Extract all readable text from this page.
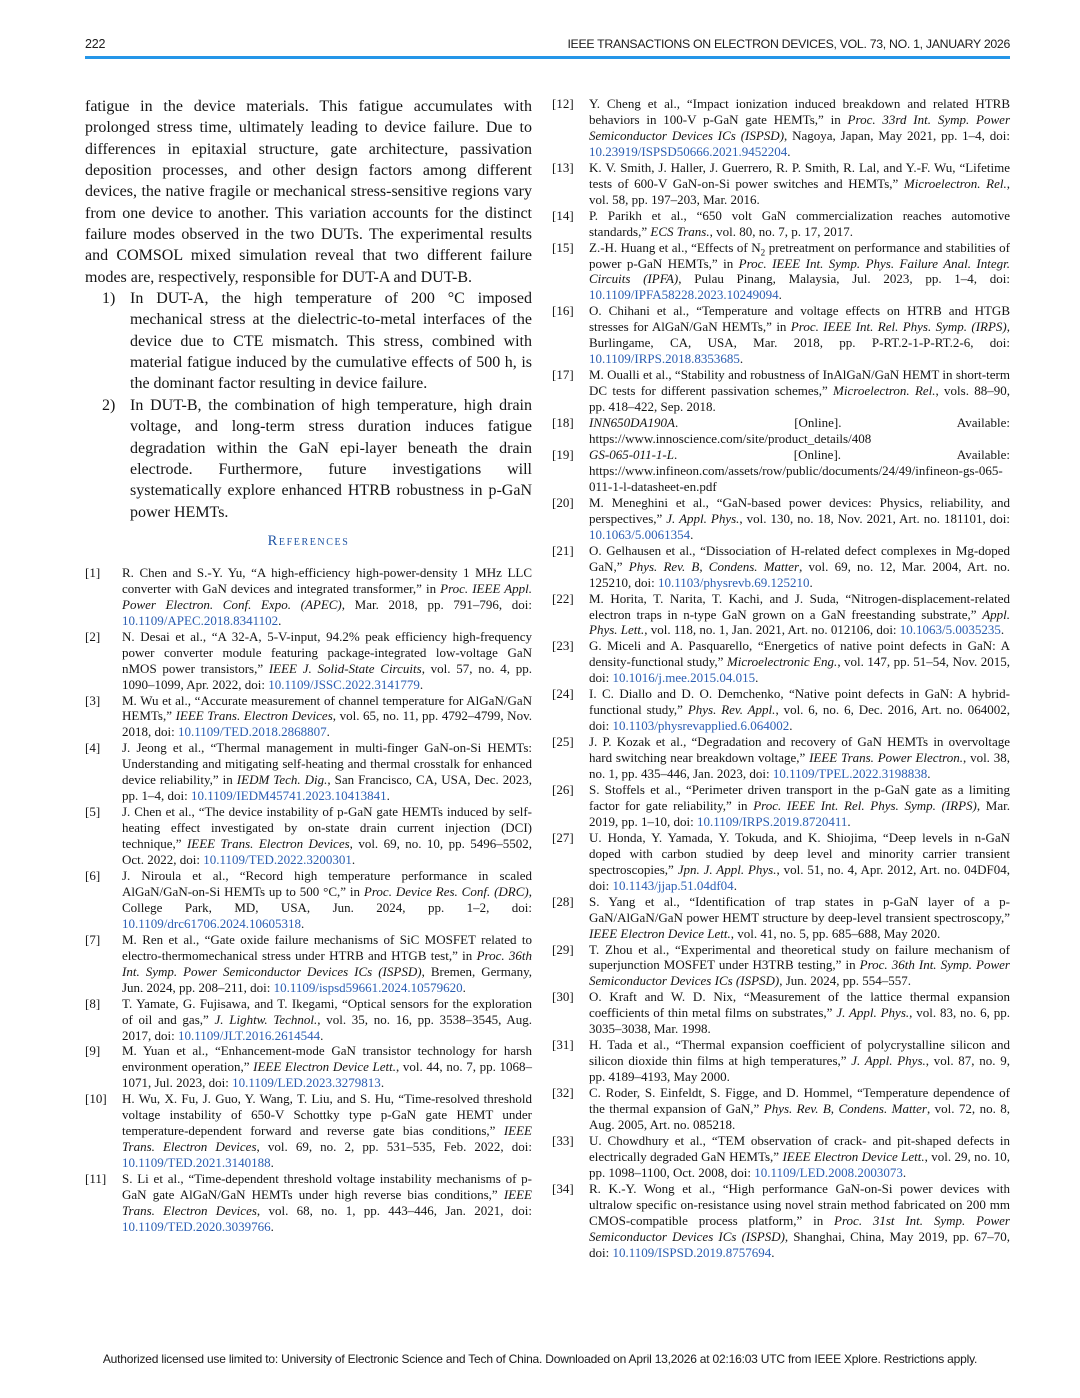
222	IEEE TRANSACTIONS ON ELECTRON DEVICES, VOL. 73, NO. 1, JANUARY 2026

fatigue in the device materials. This fatigue accumulates with prolonged stress time, ultimately leading to device failure. Due to differences in epitaxial structure, gate architecture, passivation deposition processes, and other design factors among different devices, the native fragile or mechanical stress-sensitive regions vary from one device to another. This variation accounts for the distinct failure modes observed in the two DUTs. The experimental results and COMSOL mixed simulation reveal that two different failure modes are, respectively, responsible for DUT-A and DUT-B.

1) In DUT-A, the high temperature of 200 °C imposed mechanical stress at the dielectric-to-metal interfaces of the device due to CTE mismatch. This stress, combined with material fatigue induced by the cumulative effects of 500 h, is the dominant factor resulting in device failure.
2) In DUT-B, the combination of high temperature, high drain voltage, and long-term stress duration induces fatigue degradation within the GaN epi-layer beneath the drain electrode. Furthermore, future investigations will systematically explore enhanced HTRB robustness in p-GaN power HEMTs.
References
[1] R. Chen and S.-Y. Yu, “A high-efficiency high-power-density 1 MHz LLC converter with GaN devices and integrated transformer,” in Proc. IEEE Appl. Power Electron. Conf. Expo. (APEC), Mar. 2018, pp. 791–796, doi: 10.1109/APEC.2018.8341102.
[2] N. Desai et al., “A 32-A, 5-V-input, 94.2% peak efficiency high-frequency power converter module featuring package-integrated low-voltage GaN nMOS power transistors,” IEEE J. Solid-State Circuits, vol. 57, no. 4, pp. 1090–1099, Apr. 2022, doi: 10.1109/JSSC.2022.3141779.
[3] M. Wu et al., “Accurate measurement of channel temperature for AlGaN/GaN HEMTs,” IEEE Trans. Electron Devices, vol. 65, no. 11, pp. 4792–4799, Nov. 2018, doi: 10.1109/TED.2018.2868807.
[4] J. Jeong et al., “Thermal management in multi-finger GaN-on-Si HEMTs: Understanding and mitigating self-heating and thermal crosstalk for enhanced device reliability,” in IEDM Tech. Dig., San Francisco, CA, USA, Dec. 2023, pp. 1–4, doi: 10.1109/IEDM45741.2023.10413841.
[5] J. Chen et al., “The device instability of p-GaN gate HEMTs induced by self-heating effect investigated by on-state drain current injection (DCI) technique,” IEEE Trans. Electron Devices, vol. 69, no. 10, pp. 5496–5502, Oct. 2022, doi: 10.1109/TED.2022.3200301.
[6] J. Niroula et al., “Record high temperature performance in scaled AlGaN/GaN-on-Si HEMTs up to 500 °C,” in Proc. Device Res. Conf. (DRC), College Park, MD, USA, Jun. 2024, pp. 1–2, doi: 10.1109/drc61706.2024.10605318.
[7] M. Ren et al., “Gate oxide failure mechanisms of SiC MOSFET related to electro-thermomechanical stress under HTRB and HTGB test,” in Proc. 36th Int. Symp. Power Semiconductor Devices ICs (ISPSD), Bremen, Germany, Jun. 2024, pp. 208–211, doi: 10.1109/ispsd59661.2024.10579620.
[8] T. Yamate, G. Fujisawa, and T. Ikegami, “Optical sensors for the exploration of oil and gas,” J. Lightw. Technol., vol. 35, no. 16, pp. 3538–3545, Aug. 2017, doi: 10.1109/JLT.2016.2614544.
[9] M. Yuan et al., “Enhancement-mode GaN transistor technology for harsh environment operation,” IEEE Electron Device Lett., vol. 44, no. 7, pp. 1068–1071, Jul. 2023, doi: 10.1109/LED.2023.3279813.
[10] H. Wu, X. Fu, J. Guo, Y. Wang, T. Liu, and S. Hu, “Time-resolved threshold voltage instability of 650-V Schottky type p-GaN gate HEMT under temperature-dependent forward and reverse gate bias conditions,” IEEE Trans. Electron Devices, vol. 69, no. 2, pp. 531–535, Feb. 2022, doi: 10.1109/TED.2021.3140188.
[11] S. Li et al., “Time-dependent threshold voltage instability mechanisms of p-GaN gate AlGaN/GaN HEMTs under high reverse bias conditions,” IEEE Trans. Electron Devices, vol. 68, no. 1, pp. 443–446, Jan. 2021, doi: 10.1109/TED.2020.3039766.
[12] Y. Cheng et al., “Impact ionization induced breakdown and related HTRB behaviors in 100-V p-GaN gate HEMTs,” in Proc. 33rd Int. Symp. Power Semiconductor Devices ICs (ISPSD), Nagoya, Japan, May 2021, pp. 1–4, doi: 10.23919/ISPSD50666.2021.9452204.
[13] K. V. Smith, J. Haller, J. Guerrero, R. P. Smith, R. Lal, and Y.-F. Wu, “Lifetime tests of 600-V GaN-on-Si power switches and HEMTs,” Microelectron. Rel., vol. 58, pp. 197–203, Mar. 2016.
[14] P. Parikh et al., “650 volt GaN commercialization reaches automotive standards,” ECS Trans., vol. 80, no. 7, p. 17, 2017.
[15] Z.-H. Huang et al., “Effects of $N_2$ pretreatment on performance and stabilities of power p-GaN HEMTs,” in Proc. IEEE Int. Symp. Phys. Failure Anal. Integr. Circuits (IPFA), Pulau Pinang, Malaysia, Jul. 2023, pp. 1–4, doi: 10.1109/IPFA58228.2023.10249094.
[16] O. Chihani et al., “Temperature and voltage effects on HTRB and HTGB stresses for AlGaN/GaN HEMTs,” in Proc. IEEE Int. Rel. Phys. Symp. (IRPS), Burlingame, CA, USA, Mar. 2018, pp. P-RT.2-1-P-RT.2-6, doi: 10.1109/IRPS.2018.8353685.
[17] M. Oualli et al., “Stability and robustness of InAlGaN/GaN HEMT in short-term DC tests for different passivation schemes,” Microelectron. Rel., vols. 88–90, pp. 418–422, Sep. 2018.
[18] INN650DA190A. [Online]. Available: https://www.innoscience.com/site/product_details/408
[19] GS-065-011-1-L. [Online]. Available: https://www.infineon.com/assets/row/public/documents/24/49/infineon-gs-065-011-1-l-datasheet-en.pdf
[20] M. Meneghini et al., “GaN-based power devices: Physics, reliability, and perspectives,” J. Appl. Phys., vol. 130, no. 18, Nov. 2021, Art. no. 181101, doi: 10.1063/5.0061354.
[21] O. Gelhausen et al., “Dissociation of H-related defect complexes in Mg-doped GaN,” Phys. Rev. B, Condens. Matter, vol. 69, no. 12, Mar. 2004, Art. no. 125210, doi: 10.1103/physrevb.69.125210.
[22] M. Horita, T. Narita, T. Kachi, and J. Suda, “Nitrogen-displacement-related electron traps in n-type GaN grown on a GaN freestanding substrate,” Appl. Phys. Lett., vol. 118, no. 1, Jan. 2021, Art. no. 012106, doi: 10.1063/5.0035235.
[23] G. Miceli and A. Pasquarello, “Energetics of native point defects in GaN: A density-functional study,” Microelectronic Eng., vol. 147, pp. 51–54, Nov. 2015, doi: 10.1016/j.mee.2015.04.015.
[24] I. C. Diallo and D. O. Demchenko, “Native point defects in GaN: A hybrid-functional study,” Phys. Rev. Appl., vol. 6, no. 6, Dec. 2016, Art. no. 064002, doi: 10.1103/physrevapplied.6.064002.
[25] J. P. Kozak et al., “Degradation and recovery of GaN HEMTs in overvoltage hard switching near breakdown voltage,” IEEE Trans. Power Electron., vol. 38, no. 1, pp. 435–446, Jan. 2023, doi: 10.1109/TPEL.2022.3198838.
[26] S. Stoffels et al., “Perimeter driven transport in the p-GaN gate as a limiting factor for gate reliability,” in Proc. IEEE Int. Rel. Phys. Symp. (IRPS), Mar. 2019, pp. 1–10, doi: 10.1109/IRPS.2019.8720411.
[27] U. Honda, Y. Yamada, Y. Tokuda, and K. Shiojima, “Deep levels in n-GaN doped with carbon studied by deep level and minority carrier transient spectroscopies,” Jpn. J. Appl. Phys., vol. 51, no. 4, Apr. 2012, Art. no. 04DF04, doi: 10.1143/jjap.51.04df04.
[28] S. Yang et al., “Identification of trap states in p-GaN layer of a p-GaN/AlGaN/GaN power HEMT structure by deep-level transient spectroscopy,” IEEE Electron Device Lett., vol. 41, no. 5, pp. 685–688, May 2020.
[29] T. Zhou et al., “Experimental and theoretical study on failure mechanism of superjunction MOSFET under H3TRB testing,” in Proc. 36th Int. Symp. Power Semiconductor Devices ICs (ISPSD), Jun. 2024, pp. 554–557.
[30] O. Kraft and W. D. Nix, “Measurement of the lattice thermal expansion coefficients of thin metal films on substrates,” J. Appl. Phys., vol. 83, no. 6, pp. 3035–3038, Mar. 1998.
[31] H. Tada et al., “Thermal expansion coefficient of polycrystalline silicon and silicon dioxide thin films at high temperatures,” J. Appl. Phys., vol. 87, no. 9, pp. 4189–4193, May 2000.
[32] C. Roder, S. Einfeldt, S. Figge, and D. Hommel, “Temperature dependence of the thermal expansion of GaN,” Phys. Rev. B, Condens. Matter, vol. 72, no. 8, Aug. 2005, Art. no. 085218.
[33] U. Chowdhury et al., “TEM observation of crack- and pit-shaped defects in electrically degraded GaN HEMTs,” IEEE Electron Device Lett., vol. 29, no. 10, pp. 1098–1100, Oct. 2008, doi: 10.1109/LED.2008.2003073.
[34] R. K.-Y. Wong et al., “High performance GaN-on-Si power devices with ultralow specific on-resistance using novel strain method fabricated on 200 mm CMOS-compatible process platform,” in Proc. 31st Int. Symp. Power Semiconductor Devices ICs (ISPSD), Shanghai, China, May 2019, pp. 67–70, doi: 10.1109/ISPSD.2019.8757694.
Authorized licensed use limited to: University of Electronic Science and Tech of China. Downloaded on April 13,2026 at 02:16:03 UTC from IEEE Xplore. Restrictions apply.
